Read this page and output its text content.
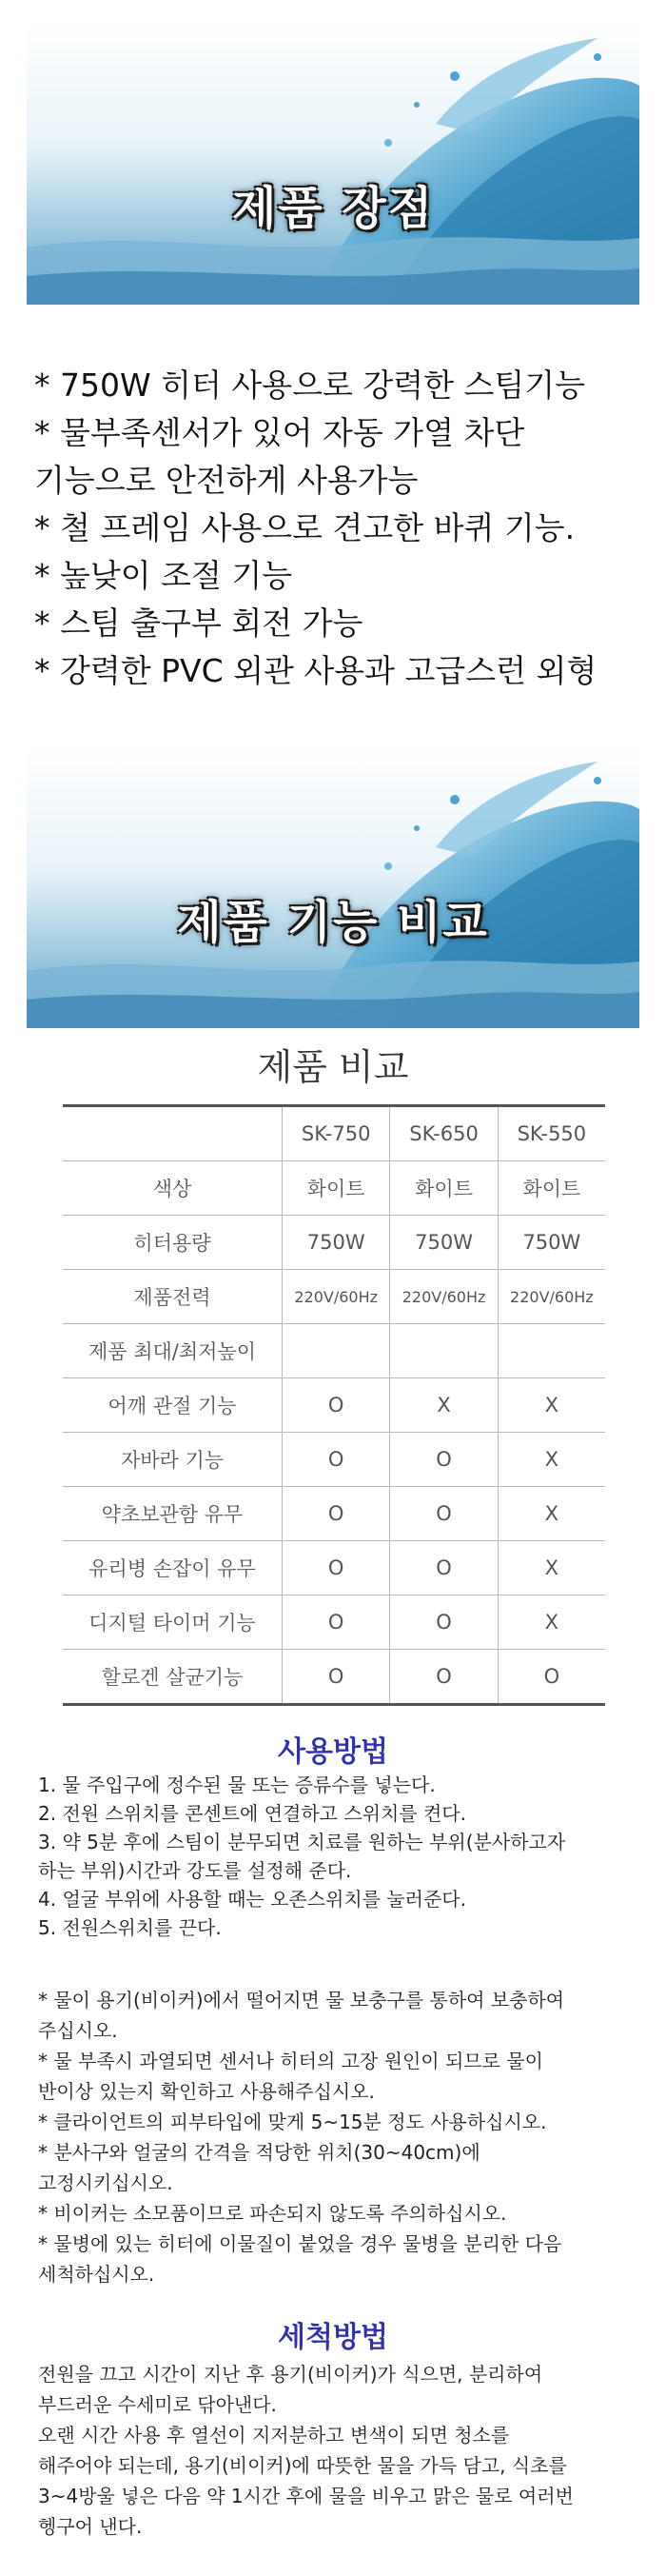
제품 장점
* 750W 히터 사용으로 강력한 스팀기능
* 물부족센서가 있어 자동 가열 차단
기능으로 안전하게 사용가능
* 철 프레임 사용으로 견고한 바퀴 기능.
* 높낮이 조절 기능
* 스팀 출구부 회전 가능
* 강력한 PVC 외관 사용과 고급스런 외형
제품 기능 비교
제품 비교
	SK-750	SK-650	SK-550
색상	화이트	화이트	화이트
히터용량	750W	750W	750W
제품전력	220V/60Hz	220V/60Hz	220V/60Hz
제품 최대/최저높이			
어깨 관절 기능	O	X	X
자바라 기능	O	O	X
약초보관함 유무	O	O	X
유리병 손잡이 유무	O	O	X
디지털 타이머 기능	O	O	X
할로겐 살균기능	O	O	O
사용방법
1. 물 주입구에 정수된 물 또는 증류수를 넣는다.
2. 전원 스위치를 콘센트에 연결하고 스위치를 켠다.
3. 약 5분 후에 스팀이 분무되면 치료를 원하는 부위(분사하고자
하는 부위)시간과 강도를 설정해 준다.
4. 얼굴 부위에 사용할 때는 오존스위치를 눌러준다.
5. 전원스위치를 끈다.
* 물이 용기(비이커)에서 떨어지면 물 보충구를 통하여 보충하여
주십시오.
* 물 부족시 과열되면 센서나 히터의 고장 원인이 되므로 물이
반이상 있는지 확인하고 사용해주십시오.
* 클라이언트의 피부타입에 맞게 5~15분 정도 사용하십시오.
* 분사구와 얼굴의 간격을 적당한 위치(30~40cm)에
고정시키십시오.
* 비이커는 소모품이므로 파손되지 않도록 주의하십시오.
* 물병에 있는 히터에 이물질이 붙었을 경우 물병을 분리한 다음
세척하십시오.
세척방법
전원을 끄고 시간이 지난 후 용기(비이커)가 식으면, 분리하여
부드러운 수세미로 닦아낸다.
오랜 시간 사용 후 열선이 지저분하고 변색이 되면 청소를
해주어야 되는데, 용기(비이커)에 따뜻한 물을 가득 담고, 식초를
3~4방울 넣은 다음 약 1시간 후에 물을 비우고 맑은 물로 여러번
헹구어 낸다.
